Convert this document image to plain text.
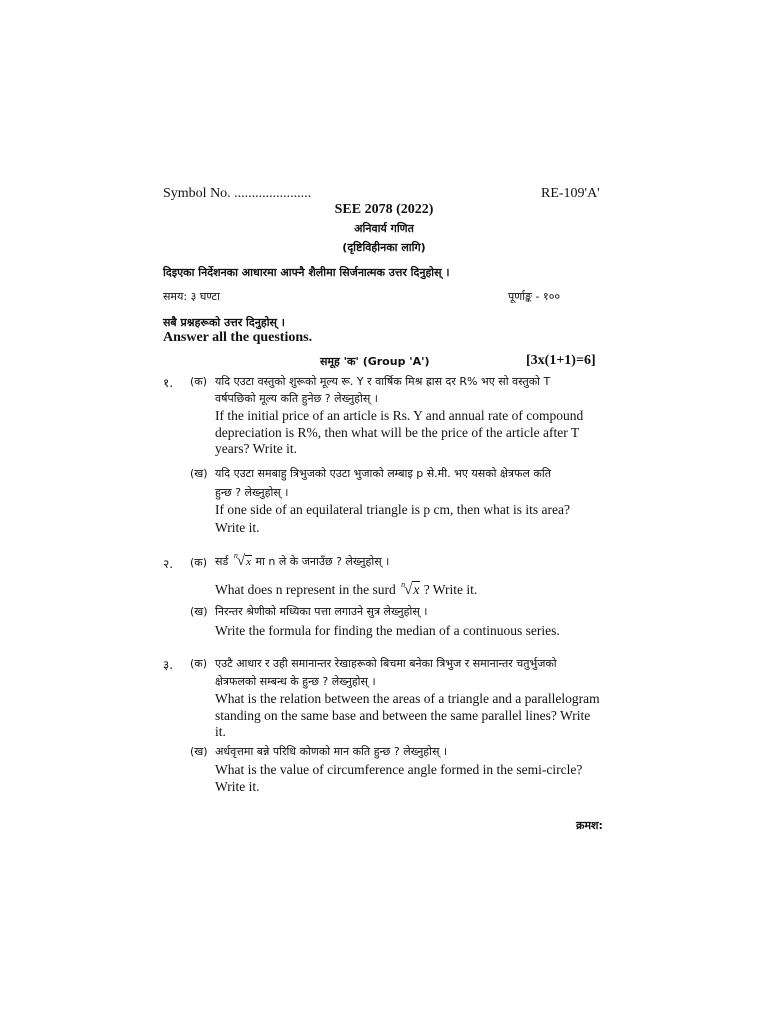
Symbol No. ......................	RE-109'A'
SEE 2078 (2022)
अनिवार्य गणित
(दृष्टिविहीनका लागि)
दिइएका निर्देशनका आधारमा आफ्नै शैलीमा सिर्जनात्मक उत्तर दिनुहोस् ।
समय: ३ घण्टा	पूर्णाङ्क - १००
सबै प्रश्नहरूको उत्तर दिनुहोस् ।
Answer all the questions.
समूह 'क' (Group 'A')	[3x(1+1)=6]
१. (क) यदि एउटा वस्तुको शुरूको मूल्य रू. Y र वार्षिक मिश्र ह्रास दर R% भए सो वस्तुको T
वर्षपछिको मूल्य कति हुनेछ ? लेख्नुहोस् ।
If the initial price of an article is Rs. Y and annual rate of compound
depreciation is R%, then what will be the price of the article after T
years? Write it.
(ख) यदि एउटा समबाहु त्रिभुजको एउटा भुजाको लम्बाइ p से.मी. भए यसको क्षेत्रफल कति
हुन्छ ? लेख्नुहोस् ।
If one side of an equilateral triangle is p cm, then what is its area?
Write it.
२. (क) सर्ड $^n$√x मा n ले के जनाउँछ ? लेख्नुहोस् ।
What does n represent in the surd $^n$√x ? Write it.
(ख) निरन्तर श्रेणीको मध्यिका पत्ता लगाउने सुत्र लेख्नुहोस् ।
Write the formula for finding the median of a continuous series.
३. (क) एउटै आधार र उही समानान्तर रेखाहरूको बिचमा बनेका त्रिभुज र समानान्तर चतुर्भुजको
क्षेत्रफलको सम्बन्ध के हुन्छ ? लेख्नुहोस् ।
What is the relation between the areas of a triangle and a parallelogram
standing on the same base and between the same parallel lines? Write
it.
(ख) अर्धवृत्तमा बन्ने परिधि कोणको मान कति हुन्छ ? लेख्नुहोस् ।
What is the value of circumference angle formed in the semi-circle?
Write it.
क्रमश:
